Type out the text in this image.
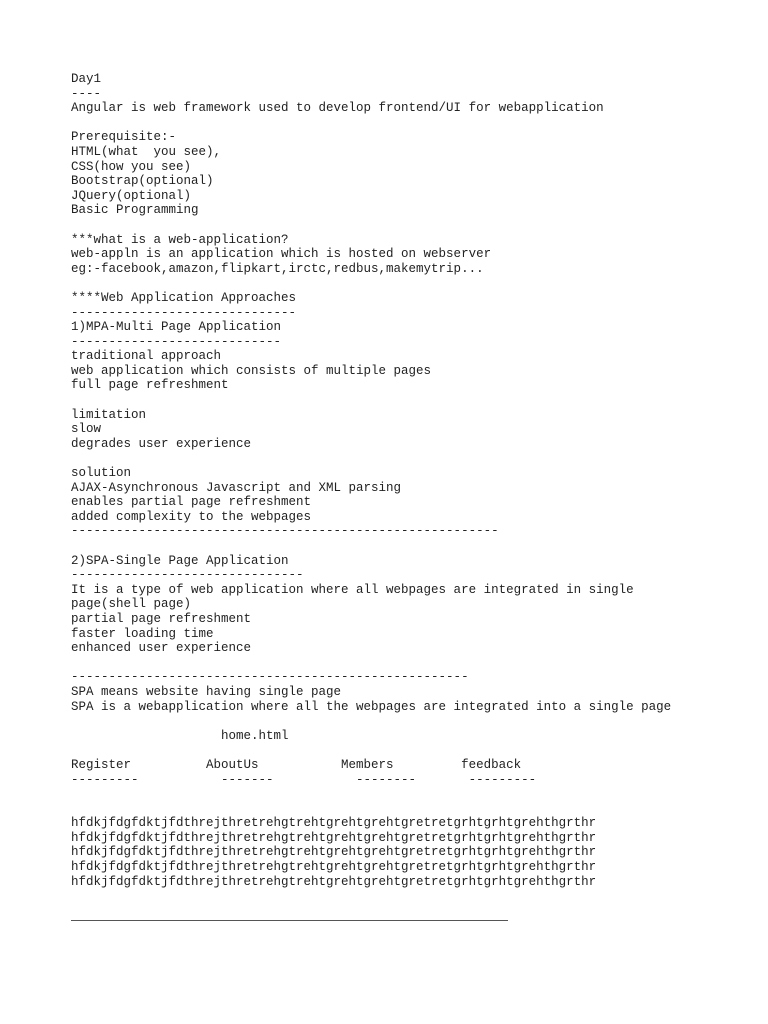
Day1
----
Angular is web framework used to develop frontend/UI for webapplication
Prerequisite:-
HTML(what  you see),
CSS(how you see)
Bootstrap(optional)
JQuery(optional)
Basic Programming
***what is a web-application?
web-appln is an application which is hosted on webserver
eg:-facebook,amazon,flipkart,irctc,redbus,makemytrip...
****Web Application Approaches
------------------------------
1)MPA-Multi Page Application
----------------------------
traditional approach
web application which consists of multiple pages
full page refreshment
limitation
slow
degrades user experience
solution
AJAX-Asynchronous Javascript and XML parsing
enables partial page refreshment
added complexity to the webpages
---------------------------------------------------------
2)SPA-Single Page Application
-------------------------------
It is a type of web application where all webpages are integrated in single
page(shell page)
partial page refreshment
faster loading time
enhanced user experience
-----------------------------------------------------
SPA means website having single page
SPA is a webapplication where all the webpages are integrated into a single page
home.html
Register          AboutUs           Members         feedback
---------           -------           --------       ---------
hfdkjfdgfdktjfdthrejthretrehgtrehtgrehtgrehtgretretgrhtgrhtgrehthgrthr
hfdkjfdgfdktjfdthrejthretrehgtrehtgrehtgrehtgretretgrhtgrhtgrehthgrthr
hfdkjfdgfdktjfdthrejthretrehgtrehtgrehtgrehtgretretgrhtgrhtgrehthgrthr
hfdkjfdgfdktjfdthrejthretrehgtrehtgrehtgrehtgretretgrhtgrhtgrehthgrthr
hfdkjfdgfdktjfdthrejthretrehgtrehtgrehtgrehtgretretgrhtgrhtgrehthgrthr
